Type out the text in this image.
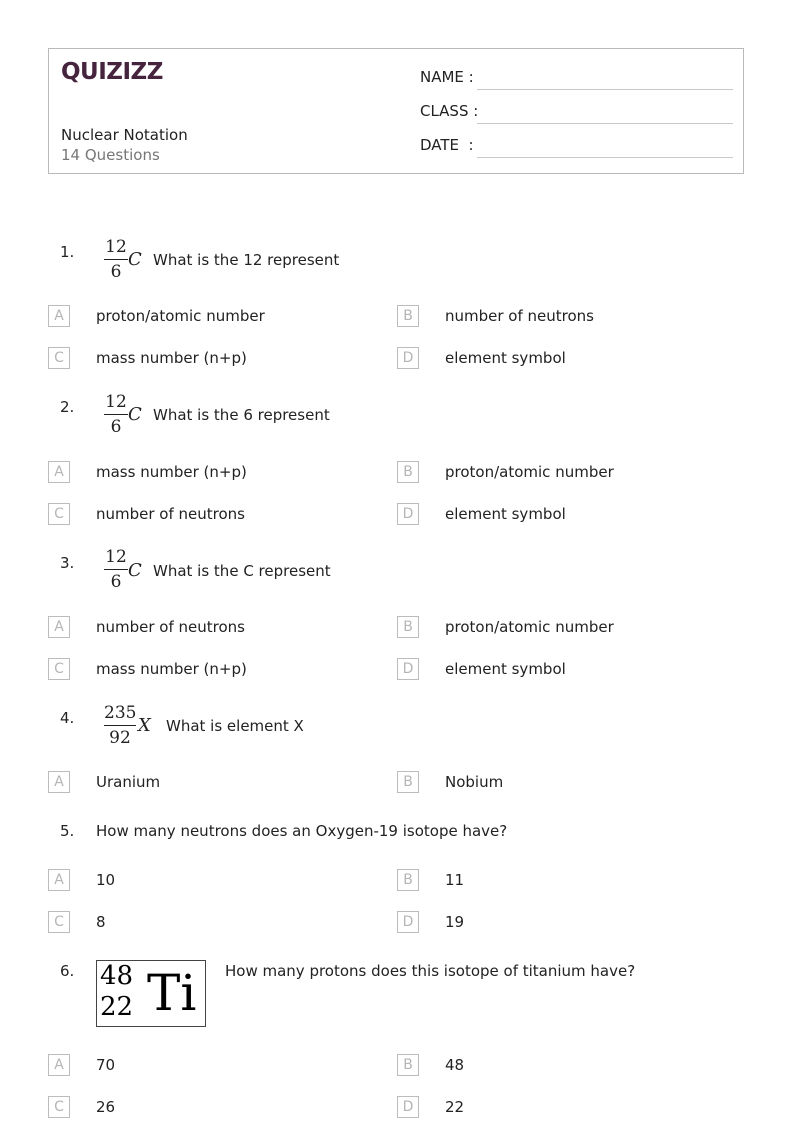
QUIZIZZ
Nuclear Notation
14 Questions
NAME :
CLASS :
DATE  :
1. 12
6
C What is the 12 represent
A	proton/atomic number	B	number of neutrons
C	mass number (n+p)	D	element symbol
2. 12
6
C What is the 6 represent
A	mass number (n+p)	B	proton/atomic number
C	number of neutrons	D	element symbol
3. 12
6
C What is the C represent
A	number of neutrons	B	proton/atomic number
C	mass number (n+p)	D	element symbol
4. 235
92
X What is element X
A	Uranium	B	Nobium
5. How many neutrons does an Oxygen-19 isotope have?
A	10	B	11
C	8	D	19
6. 48
22 Ti How many protons does this isotope of titanium have?
A	70	B	48
C	26	D	22
